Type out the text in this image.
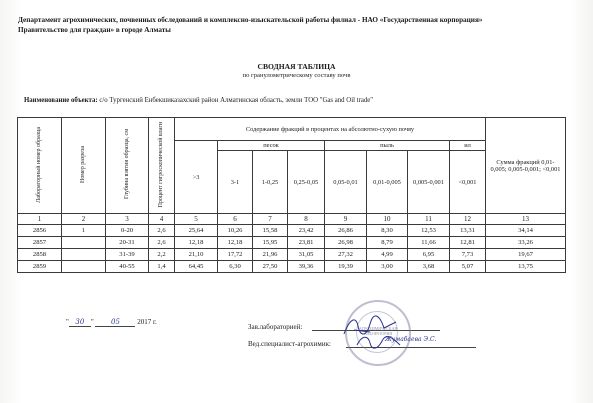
Департамент агрохимических, почвенных обследований и комплексно-изыскательской работы филиал - НАО «Государственная корпорация»
Правительство для граждан» в городе Алматы
СВОДНАЯ ТАБЛИЦА
по гранулометрическому составу почв
Наименование объекта: с/о Тургенский Енбекшиказахский район Алматинская область, земли ТОО "Gas and Oil trade"
Лабораторный номер образца	Номер разреза	Глубина взятия образца, см	Процент гигроскопической влаги	Содержание фракций в процентах на абсолютно-сухую почву								Сумма фракций 0,01-0,005; 0,005-0,001; <0,001
				>3	песок			пыль			ил	
					3-1	1-0,25	0,25-0,05	0,05-0,01	0,01-0,005	0,005-0,001	<0,001	
1	2	3	4	5	6	7	8	9	10	11	12	13
2856	1	0-20	2,6	25,64	10,26	15,58	23,42	26,86	8,30	12,53	13,31	34,14
2857		20-31	2,6	12,18	12,18	15,95	23,81	26,98	8,79	11,66	12,81	33,26
2858		31-39	2,2	21,10	17,72	21,96	31,05	27,32	4,99	6,95	7,73	19,67
2859		40-55	1,4	64,45	6,30	27,50	39,36	19,39	3,00	3,68	5,07	13,75
" 30 " 05 2017 г.
Зав.лабораторией:
Вед.специалист-агрохимик:
Жумабаева Э.С.
АГРОХИМИЧЕСКАЯ ЛАБОРАТОРИЯ
